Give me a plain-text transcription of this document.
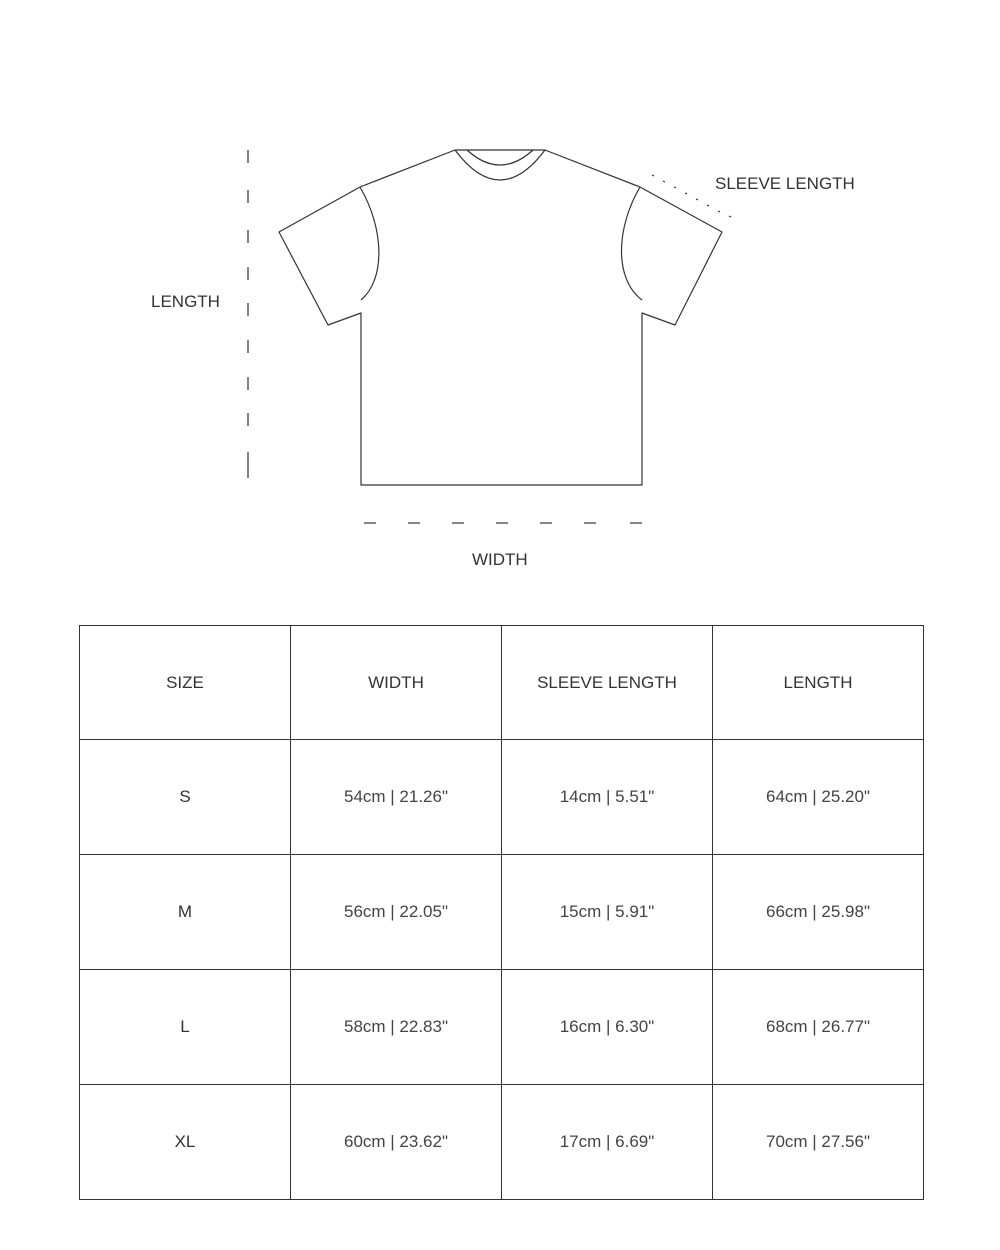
LENGTH
SLEEVE LENGTH
WIDTH
SIZE	WIDTH	SLEEVE LENGTH	LENGTH
S	54cm | 21.26"	14cm | 5.51"	64cm | 25.20"
M	56cm | 22.05"	15cm | 5.91"	66cm | 25.98"
L	58cm | 22.83"	16cm | 6.30"	68cm | 26.77"
XL	60cm | 23.62"	17cm | 6.69"	70cm | 27.56"
